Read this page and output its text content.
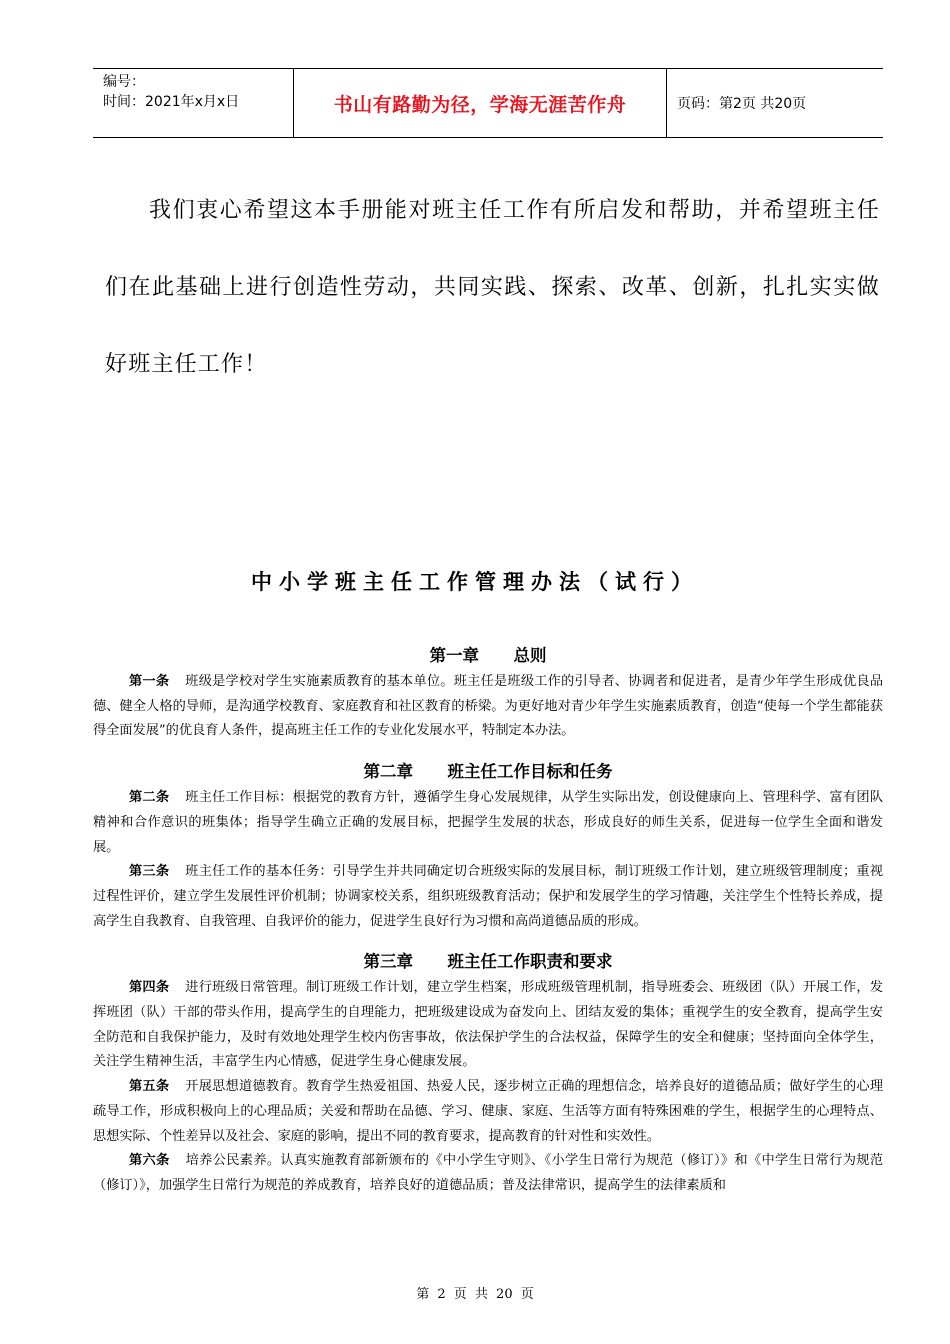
编号：
时间：2021年x月x日	书山有路勤为径，学海无涯苦作舟	页码：第2页 共20页

我们衷心希望这本手册能对班主任工作有所启发和帮助，并希望班主任们在此基础上进行创造性劳动，共同实践、探索、改革、创新，扎扎实实做好班主任工作！

中小学班主任工作管理办法（试行）
第一章      总则

第一条 班级是学校对学生实施素质教育的基本单位。班主任是班级工作的引导者、协调者和促进者，是青少年学生形成优良品德、健全人格的导师，是沟通学校教育、家庭教育和社区教育的桥梁。为更好地对青少年学生实施素质教育，创造“使每一个学生都能获得全面发展”的优良育人条件，提高班主任工作的专业化发展水平，特制定本办法。

第二章      班主任工作目标和任务

第二条 班主任工作目标：根据党的教育方针，遵循学生身心发展规律，从学生实际出发，创设健康向上、管理科学、富有团队精神和合作意识的班集体；指导学生确立正确的发展目标，把握学生发展的状态，形成良好的师生关系，促进每一位学生全面和谐发展。

第三条 班主任工作的基本任务：引导学生并共同确定切合班级实际的发展目标，制订班级工作计划，建立班级管理制度；重视过程性评价，建立学生发展性评价机制；协调家校关系，组织班级教育活动；保护和发展学生的学习情趣，关注学生个性特长养成，提高学生自我教育、自我管理、自我评价的能力，促进学生良好行为习惯和高尚道德品质的形成。

第三章      班主任工作职责和要求

第四条 进行班级日常管理。制订班级工作计划，建立学生档案，形成班级管理机制，指导班委会、班级团（队）开展工作，发挥班团（队）干部的带头作用，提高学生的自理能力，把班级建设成为奋发向上、团结友爱的集体；重视学生的安全教育，提高学生安全防范和自我保护能力，及时有效地处理学生校内伤害事故，依法保护学生的合法权益，保障学生的安全和健康；坚持面向全体学生，关注学生精神生活，丰富学生内心情感，促进学生身心健康发展。

第五条 开展思想道德教育。教育学生热爱祖国、热爱人民，逐步树立正确的理想信念，培养良好的道德品质；做好学生的心理疏导工作，形成积极向上的心理品质；关爱和帮助在品德、学习、健康、家庭、生活等方面有特殊困难的学生，根据学生的心理特点、思想实际、个性差异以及社会、家庭的影响，提出不同的教育要求，提高教育的针对性和实效性。

第六条 培养公民素养。认真实施教育部新颁布的《中小学生守则》、《小学生日常行为规范（修订）》和《中学生日常行为规范（修订）》，加强学生日常行为规范的养成教育，培养良好的道德品质；普及法律常识，提高学生的法律素质和

第 2 页 共 20 页
